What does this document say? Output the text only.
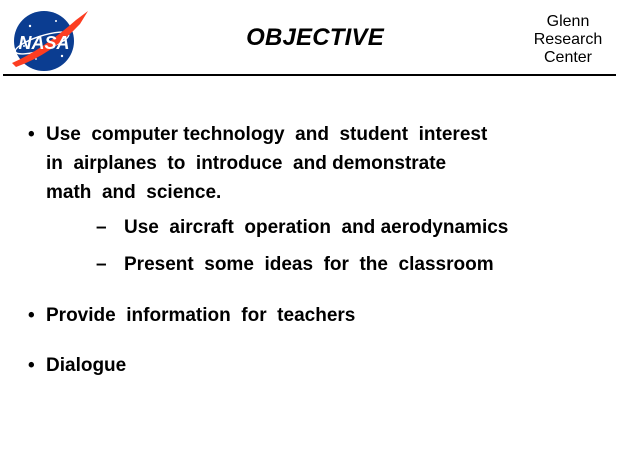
NASA	OBJECTIVE
Glenn
Research
Center

•

Use  computer technology  and  student  interest

in  airplanes  to  introduce  and demonstrate

math  and  science.

–

Use  aircraft  operation  and aerodynamics

–

Present  some  ideas  for  the  classroom

•

Provide  information  for  teachers

•

Dialogue
